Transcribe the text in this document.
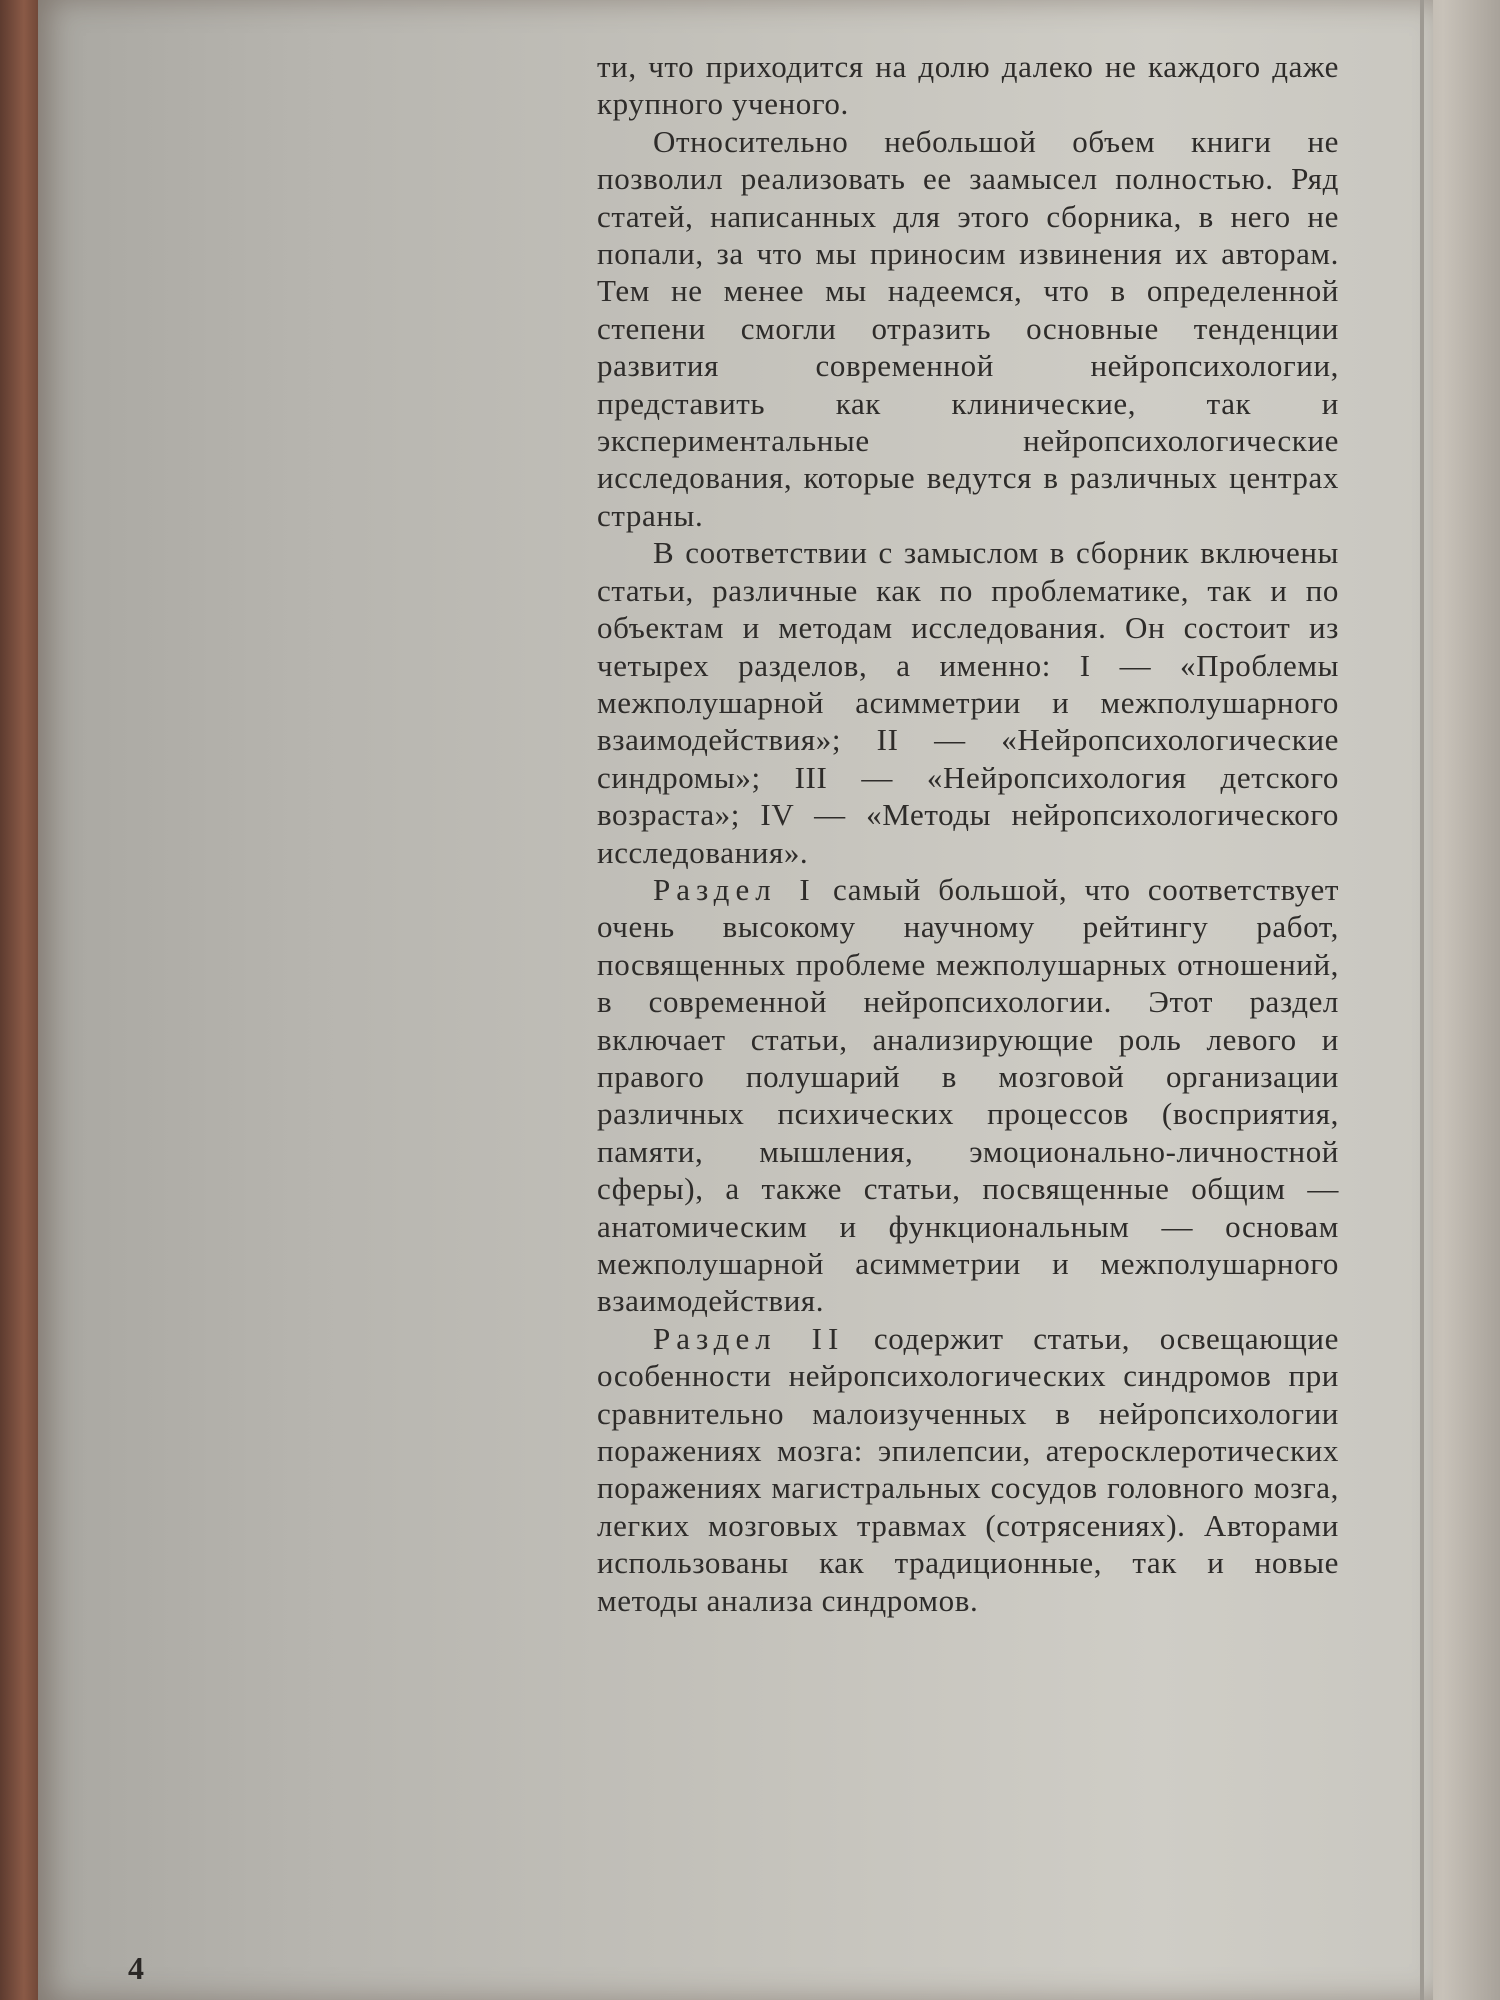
ти, что приходится на долю далеко не каждого даже крупного ученого.

Относительно небольшой объем книги не позволил реализовать ее заамысел полностью. Ряд статей, написанных для этого сборника, в него не попали, за что мы приносим извинения их авторам. Тем не менее мы надеемся, что в определенной степени смогли отразить основные тенденции развития современной нейропсихологии, представить как клинические, так и экспериментальные нейропсихологические исследования, которые ведутся в различных центрах страны.

В соответствии с замыслом в сборник включены статьи, различные как по проблематике, так и по объектам и методам исследования. Он состоит из четырех разделов, а именно: I — «Проблемы межполушарной асимметрии и межполушарного взаимодействия»; II — «Нейропсихологические синдромы»; III — «Нейропсихология детского возраста»; IV — «Методы нейропсихологического исследования».

Раздел I самый большой, что соответствует очень высокому научному рейтингу работ, посвященных проблеме межполушарных отношений, в современной нейропсихологии. Этот раздел включает статьи, анализирующие роль левого и правого полушарий в мозговой организации различных психических процессов (восприятия, памяти, мышления, эмоционально-личностной сферы), а также статьи, посвященные общим — анатомическим и функциональным — основам межполушарной асимметрии и межполушарного взаимодействия.

Раздел II содержит статьи, освещающие особенности нейропсихологических синдромов при сравнительно малоизученных в нейропсихологии поражениях мозга: эпилепсии, атеросклеротических поражениях магистральных сосудов головного мозга, легких мозговых травмах (сотрясениях). Авторами использованы как традиционные, так и новые методы анализа синдромов.

4
